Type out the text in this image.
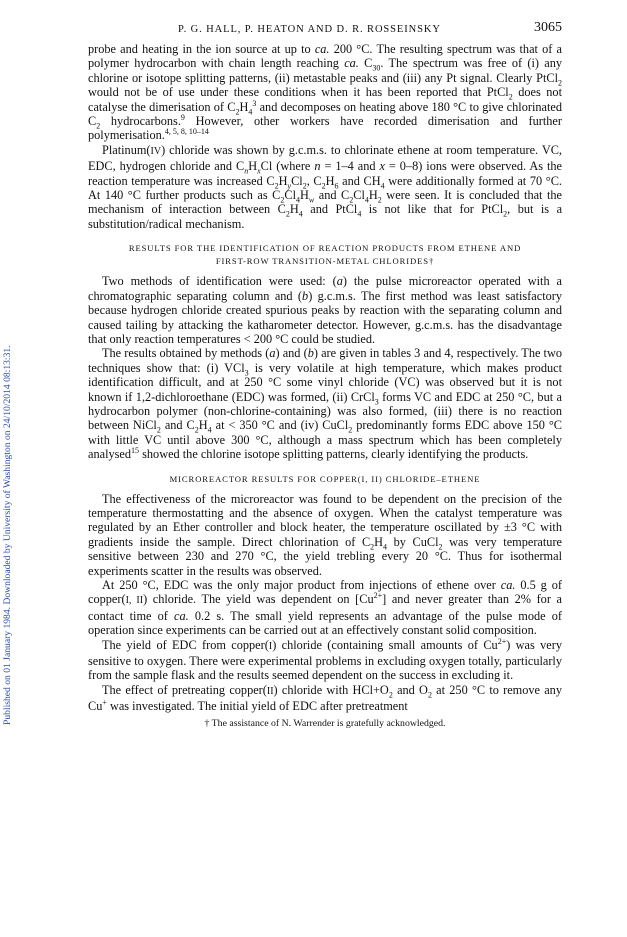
Published on 01 January 1984. Downloaded by University of Washington on 24/10/2014 08:13:31.
P. G. HALL, P. HEATON AND D. R. ROSSEINSKY	3065

probe and heating in the ion source at up to ca. 200 °C. The resulting spectrum was that of a polymer hydrocarbon with chain length reaching ca. $C_{30}$. The spectrum was free of (i) any chlorine or isotope splitting patterns, (ii) metastable peaks and (iii) any Pt signal. Clearly PtCl$_2$ would not be of use under these conditions when it has been reported that PtCl$_2$ does not catalyse the dimerisation of $C_2H_4^3$ and decomposes on heating above 180 °C to give chlorinated $C_2$ hydrocarbons.$^9$ However, other workers have recorded dimerisation and further polymerisation.$^{4, 5, 8, 10-14}$

Platinum(IV) chloride was shown by g.c.m.s. to chlorinate ethene at room temperature. VC, EDC, hydrogen chloride and $C_nH_xCl$ (where n = 1–4 and x = 0–8) ions were observed. As the reaction temperature was increased $C_2H_yCl_2$, $C_2H_6$ and $CH_4$ were additionally formed at 70 °C. At 140 °C further products such as $C_2Cl_4H_w$ and $C_2Cl_4H_2$ were seen. It is concluded that the mechanism of interaction between $C_2H_4$ and PtCl$_4$ is not like that for PtCl$_2$, but is a substitution/radical mechanism.

RESULTS FOR THE IDENTIFICATION OF REACTION PRODUCTS FROM ETHENE AND
FIRST-ROW TRANSITION-METAL CHLORIDES†

Two methods of identification were used: (a) the pulse microreactor operated with a chromatographic separating column and (b) g.c.m.s. The first method was least satisfactory because hydrogen chloride created spurious peaks by reaction with the separating column and caused tailing by attacking the katharometer detector. However, g.c.m.s. has the disadvantage that only reaction temperatures < 200 °C could be studied.

The results obtained by methods (a) and (b) are given in tables 3 and 4, respectively. The two techniques show that: (i) VCl$_3$ is very volatile at high temperature, which makes product identification difficult, and at 250 °C some vinyl chloride (VC) was observed but it is not known if 1,2-dichloroethane (EDC) was formed, (ii) CrCl$_3$ forms VC and EDC at 250 °C, but a hydrocarbon polymer (non-chlorine-containing) was also formed, (iii) there is no reaction between NiCl$_2$ and $C_2H_4$ at < 350 °C and (iv) CuCl$_2$ predominantly forms EDC above 150 °C with little VC until above 300 °C, although a mass spectrum which has been completely analysed$^{15}$ showed the chlorine isotope splitting patterns, clearly identifying the products.

MICROREACTOR RESULTS FOR COPPER(I, II) CHLORIDE–ETHENE

The effectiveness of the microreactor was found to be dependent on the precision of the temperature thermostatting and the absence of oxygen. When the catalyst temperature was regulated by an Ether controller and block heater, the temperature oscillated by ±3 °C with gradients inside the sample. Direct chlorination of $C_2H_4$ by CuCl$_2$ was very temperature sensitive between 230 and 270 °C, the yield trebling every 20 °C. Thus for isothermal experiments scatter in the results was observed.

At 250 °C, EDC was the only major product from injections of ethene over ca. 0.5 g of copper(I, II) chloride. The yield was dependent on $[Cu^{2+}]$ and never greater than 2% for a contact time of ca. 0.2 s. The small yield represents an advantage of the pulse mode of operation since experiments can be carried out at an effectively constant solid composition.

The yield of EDC from copper(I) chloride (containing small amounts of $Cu^{2+}$) was very sensitive to oxygen. There were experimental problems in excluding oxygen totally, particularly from the sample flask and the results seemed dependent on the success in excluding it.

The effect of pretreating copper(II) chloride with $HCl+O_2$ and $O_2$ at 250 °C to remove any Cu+ was investigated. The initial yield of EDC after pretreatment

† The assistance of N. Warrender is gratefully acknowledged.
